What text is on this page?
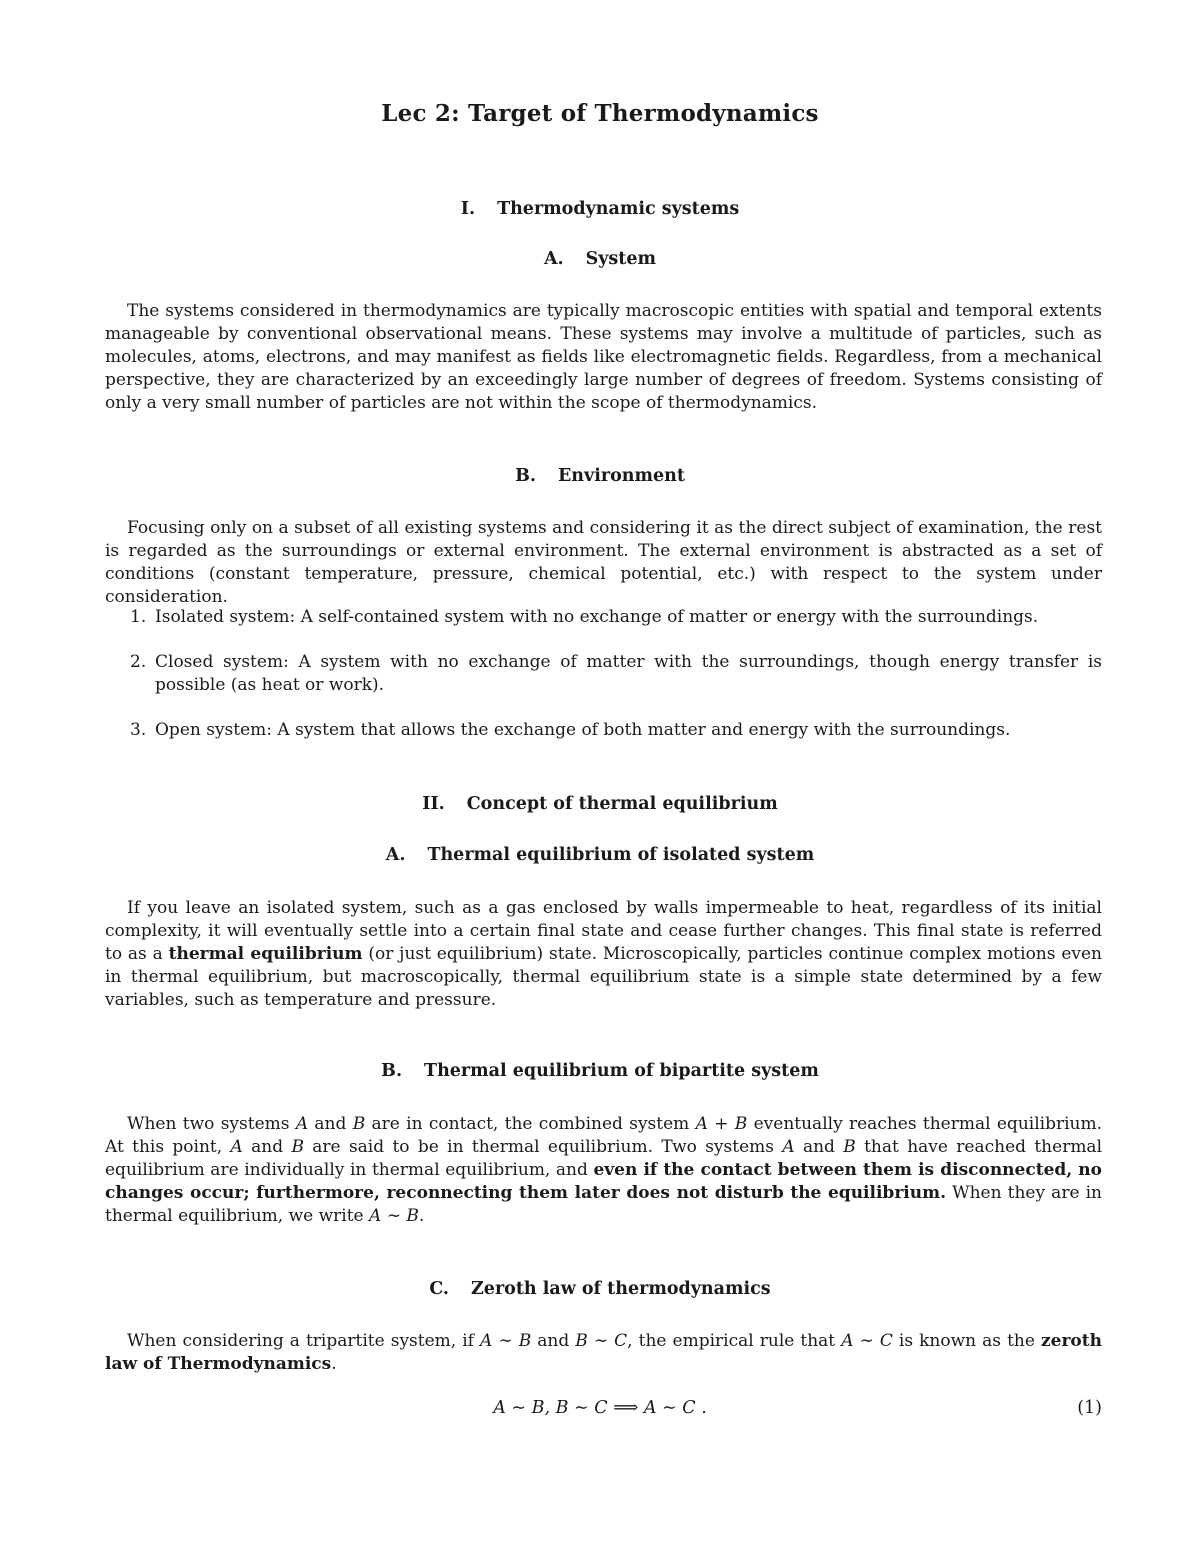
Lec 2: Target of Thermodynamics
I. Thermodynamic systems
A. System

The systems considered in thermodynamics are typically macroscopic entities with spatial and temporal extents manageable by conventional observational means. These systems may involve a multitude of particles, such as molecules, atoms, electrons, and may manifest as fields like electromagnetic fields. Regardless, from a mechanical perspective, they are characterized by an exceedingly large number of degrees of freedom. Systems consisting of only a very small number of particles are not within the scope of thermodynamics.

B. Environment

Focusing only on a subset of all existing systems and considering it as the direct subject of examination, the rest is regarded as the surroundings or external environment. The external environment is abstracted as a set of conditions (constant temperature, pressure, chemical potential, etc.) with respect to the system under consideration.

1. Isolated system: A self-contained system with no exchange of matter or energy with the surroundings.
2. Closed system: A system with no exchange of matter with the surroundings, though energy transfer is possible (as heat or work).
3. Open system: A system that allows the exchange of both matter and energy with the surroundings.
II. Concept of thermal equilibrium
A. Thermal equilibrium of isolated system

If you leave an isolated system, such as a gas enclosed by walls impermeable to heat, regardless of its initial complexity, it will eventually settle into a certain final state and cease further changes. This final state is referred to as a thermal equilibrium (or just equilibrium) state. Microscopically, particles continue complex motions even in thermal equilibrium, but macroscopically, thermal equilibrium state is a simple state determined by a few variables, such as temperature and pressure.

B. Thermal equilibrium of bipartite system

When two systems A and B are in contact, the combined system A + B eventually reaches thermal equilibrium. At this point, A and B are said to be in thermal equilibrium. Two systems A and B that have reached thermal equilibrium are individually in thermal equilibrium, and even if the contact between them is disconnected, no changes occur; furthermore, reconnecting them later does not disturb the equilibrium. When they are in thermal equilibrium, we write A ∼ B.

C. Zeroth law of thermodynamics

When considering a tripartite system, if A ∼ B and B ∼ C, the empirical rule that A ∼ C is known as the zeroth law of Thermodynamics.

A ∼ B, B ∼ C ⟹ A ∼ C .	(1)
